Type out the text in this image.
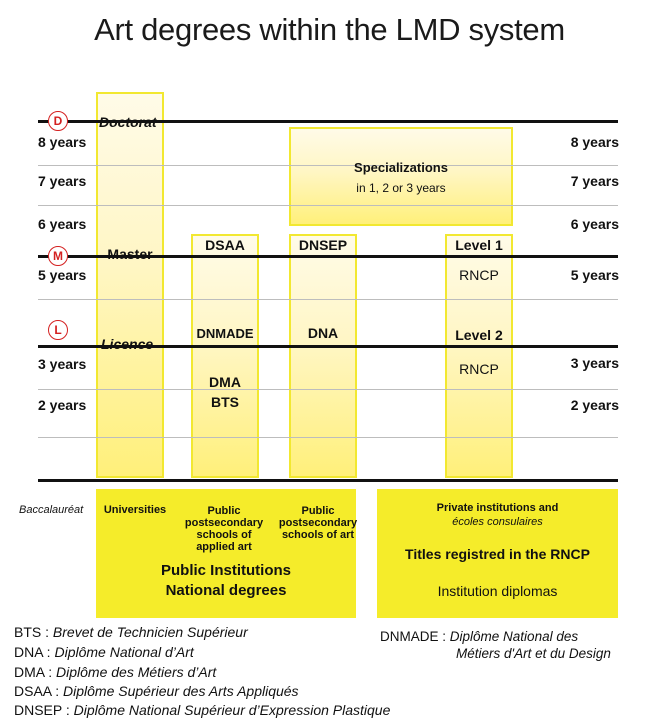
Art degrees within the LMD system
D
M
L
8 years
7 years
6 years
5 years
3 years
2 years
8 years
7 years
6 years
5 years
3 years
2 years
Doctorat
Master
Licence
Specializations
in 1, 2 or 3 years
DSAA	DNSEP	Level 1
RNCP
DNMADE	DNA	Level 2
RNCP
DMA
BTS
Baccalauréat	Universities	Public postsecondary schools of applied art
Public postsecondary schools of art
Public Institutions
National degrees
Private institutions and
écoles consulaires
Titles registred in the RNCP
Institution diplomas
BTS : Brevet de Technicien Supérieur
DNA : Diplôme National d’Art
DMA : Diplôme des Métiers d’Art
DSAA : Diplôme Supérieur des Arts Appliqués
DNSEP : Diplôme National Supérieur d’Expression Plastique
DNMADE : Diplôme National des
Métiers d'Art et du Design
